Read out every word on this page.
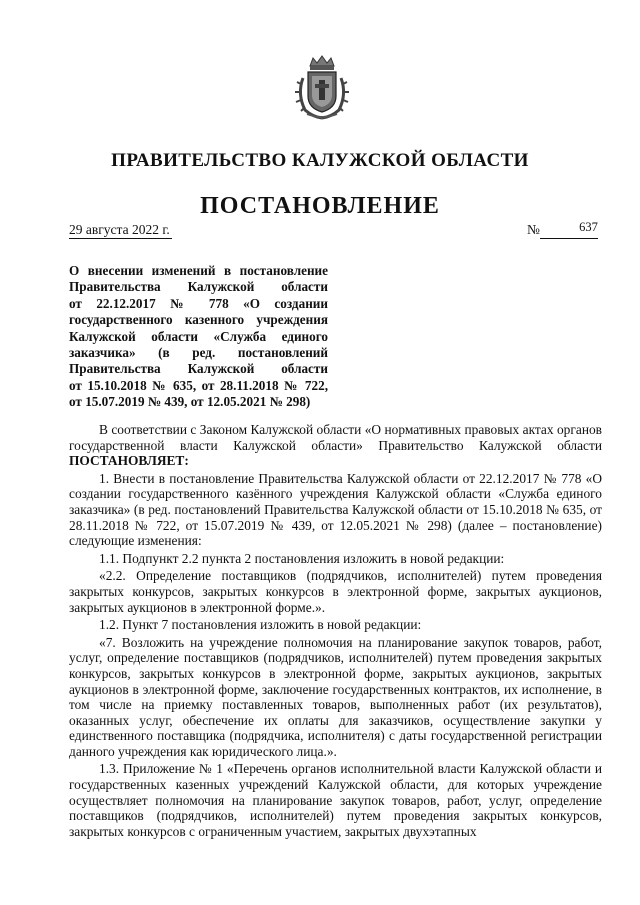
ПРАВИТЕЛЬСТВО КАЛУЖСКОЙ ОБЛАСТИ
ПОСТАНОВЛЕНИЕ
29 августа 2022 г.	№	637
О внесении изменений в постановление
Правительства Калужской области
от 22.12.2017 № 778 «О создании
государственного казенного учреждения
Калужской области «Служба единого
заказчика» (в ред. постановлений
Правительства Калужской области
от 15.10.2018 № 635, от 28.11.2018 № 722,
от 15.07.2019 № 439, от 12.05.2021 № 298)

В соответствии с Законом Калужской области «О нормативных правовых актах органов государственной власти Калужской области» Правительство Калужской области ПОСТАНОВЛЯЕТ:

1. Внести в постановление Правительства Калужской области от 22.12.2017 № 778 «О создании государственного казённого учреждения Калужской области «Служба единого заказчика» (в ред. постановлений Правительства Калужской области от 15.10.2018 № 635, от 28.11.2018 № 722, от 15.07.2019 № 439, от 12.05.2021 № 298) (далее – постановление) следующие изменения:

1.1. Подпункт 2.2 пункта 2 постановления изложить в новой редакции:

«2.2. Определение поставщиков (подрядчиков, исполнителей) путем проведения закрытых конкурсов, закрытых конкурсов в электронной форме, закрытых аукционов, закрытых аукционов в электронной форме.».

1.2. Пункт 7 постановления изложить в новой редакции:

«7. Возложить на учреждение полномочия на планирование закупок товаров, работ, услуг, определение поставщиков (подрядчиков, исполнителей) путем проведения закрытых конкурсов, закрытых конкурсов в электронной форме, закрытых аукционов, закрытых аукционов в электронной форме, заключение государственных контрактов, их исполнение, в том числе на приемку поставленных товаров, выполненных работ (их результатов), оказанных услуг, обеспечение их оплаты для заказчиков, осуществление закупки у единственного поставщика (подрядчика, исполнителя) с даты государственной регистрации данного учреждения как юридического лица.».

1.3. Приложение № 1 «Перечень органов исполнительной власти Калужской области и государственных казенных учреждений Калужской области, для которых учреждение осуществляет полномочия на планирование закупок товаров, работ, услуг, определение поставщиков (подрядчиков, исполнителей) путем проведения закрытых конкурсов, закрытых конкурсов с ограниченным участием, закрытых двухэтапных
